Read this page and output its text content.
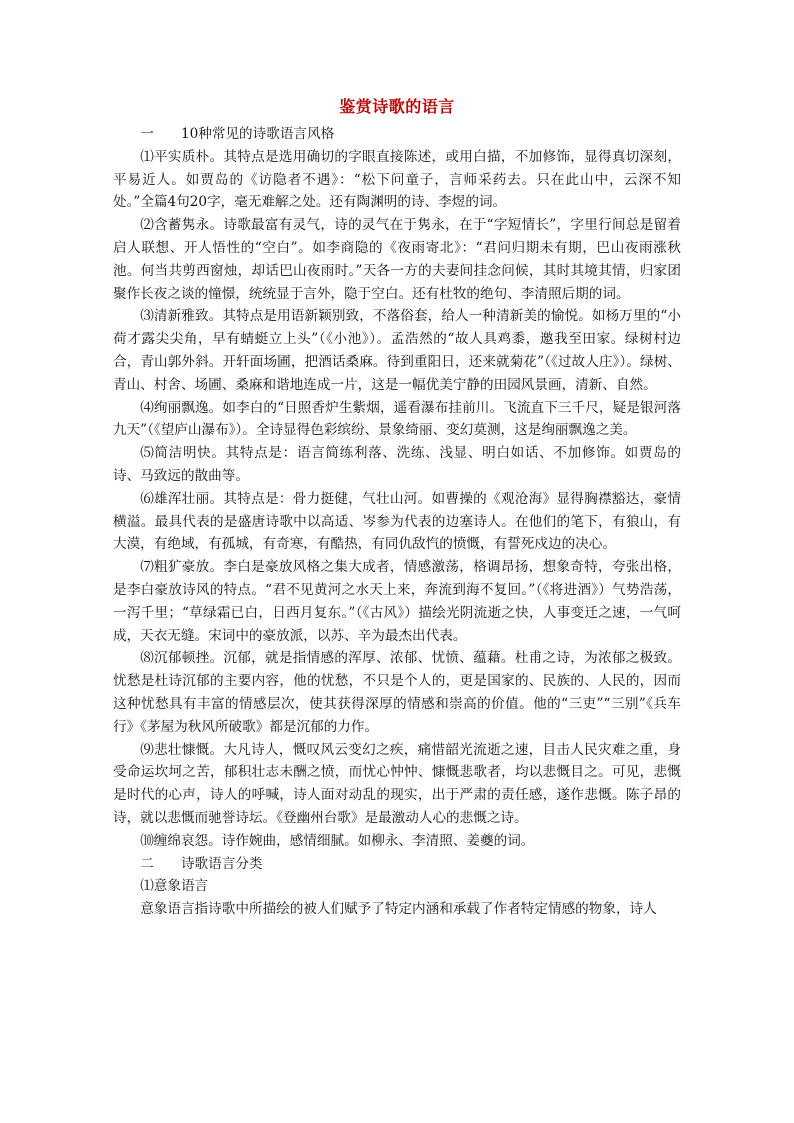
鉴赏诗歌的语言

一　　10种常见的诗歌语言风格

⑴平实质朴。其特点是选用确切的字眼直接陈述，或用白描，不加修饰，显得真切深刻，平易近人。如贾岛的《访隐者不遇》：“松下问童子，言师采药去。只在此山中，云深不知处。”全篇4句20字，毫无难解之处。还有陶渊明的诗、李煜的词。

⑵含蓄隽永。诗歌最富有灵气，诗的灵气在于隽永，在于“字短情长”，字里行间总是留着启人联想、开人悟性的“空白”。如李商隐的《夜雨寄北》：“君问归期未有期，巴山夜雨涨秋池。何当共剪西窗烛，却话巴山夜雨时。”天各一方的夫妻间挂念问候，其时其境其情，归家团聚作长夜之谈的憧憬，统统显于言外，隐于空白。还有杜牧的绝句、李清照后期的词。

⑶清新雅致。其特点是用语新颖别致，不落俗套，给人一种清新美的愉悦。如杨万里的“小荷才露尖尖角，早有蜻蜓立上头”（《小池》）。孟浩然的“故人具鸡黍，邀我至田家。绿树村边合，青山郭外斜。开轩面场圃，把酒话桑麻。待到重阳日，还来就菊花”（《过故人庄》）。绿树、青山、村舍、场圃、桑麻和谐地连成一片，这是一幅优美宁静的田园风景画，清新、自然。

⑷绚丽飘逸。如李白的“日照香炉生紫烟，遥看瀑布挂前川。飞流直下三千尺，疑是银河落九天”（《望庐山瀑布》）。全诗显得色彩缤纷、景象绮丽、变幻莫测，这是绚丽飘逸之美。

⑸简洁明快。其特点是：语言简练利落、洗练、浅显、明白如话、不加修饰。如贾岛的诗、马致远的散曲等。

⑹雄浑壮丽。其特点是：骨力挺健，气壮山河。如曹操的《观沧海》显得胸襟豁达，豪情横溢。最具代表的是盛唐诗歌中以高适、岑参为代表的边塞诗人。在他们的笔下，有狼山，有大漠，有绝域，有孤城，有奇寒，有酷热，有同仇敌忾的愤慨，有誓死戍边的决心。

⑺粗犷豪放。李白是豪放风格之集大成者，情感激荡，格调昂扬，想象奇特，夸张出格，是李白豪放诗风的特点。“君不见黄河之水天上来，奔流到海不复回。”（《将进酒》）气势浩荡，一泻千里；“草绿霜已白，日西月复东。”（《古风》）描绘光阴流逝之快，人事变迁之速，一气呵成，天衣无缝。宋词中的豪放派，以苏、辛为最杰出代表。

⑻沉郁顿挫。沉郁，就是指情感的浑厚、浓郁、忧愤、蕴藉。杜甫之诗，为浓郁之极致。忧愁是杜诗沉郁的主要内容，他的忧愁，不只是个人的，更是国家的、民族的、人民的，因而这种忧愁具有丰富的情感层次，使其获得深厚的情感和崇高的价值。他的“三吏”“三别”《兵车行》《茅屋为秋风所破歌》都是沉郁的力作。

⑼悲壮慷慨。大凡诗人，慨叹风云变幻之疾，痛惜韶光流逝之速，目击人民灾难之重，身受命运坎坷之苦，郁积壮志未酬之愤，而忧心忡忡、慷慨悲歌者，均以悲慨目之。可见，悲慨是时代的心声，诗人的呼喊，诗人面对动乱的现实，出于严肃的责任感，遂作悲慨。陈子昂的诗，就以悲慨而驰誉诗坛。《登幽州台歌》是最激动人心的悲慨之诗。

⑽缠绵哀怨。诗作婉曲，感情细腻。如柳永、李清照、姜夔的词。

二　　诗歌语言分类

⑴意象语言

意象语言指诗歌中所描绘的被人们赋予了特定内涵和承载了作者特定情感的物象，诗人
